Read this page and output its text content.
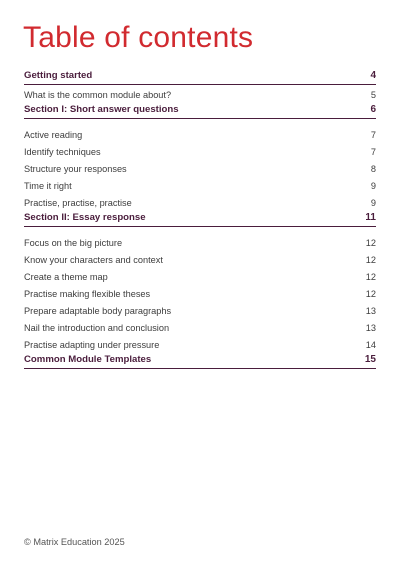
Table of contents
Getting started	4
What is the common module about?	5
Section I: Short answer questions	6
Active reading	7
Identify techniques	7
Structure your responses	8
Time it right	9
Practise, practise, practise	9
Section II: Essay response	11
Focus on the big picture	12
Know your characters and context	12
Create a theme map	12
Practise making flexible theses	12
Prepare adaptable body paragraphs	13
Nail the introduction and conclusion	13
Practise adapting under pressure	14
Common Module Templates	15
© Matrix Education 2025
